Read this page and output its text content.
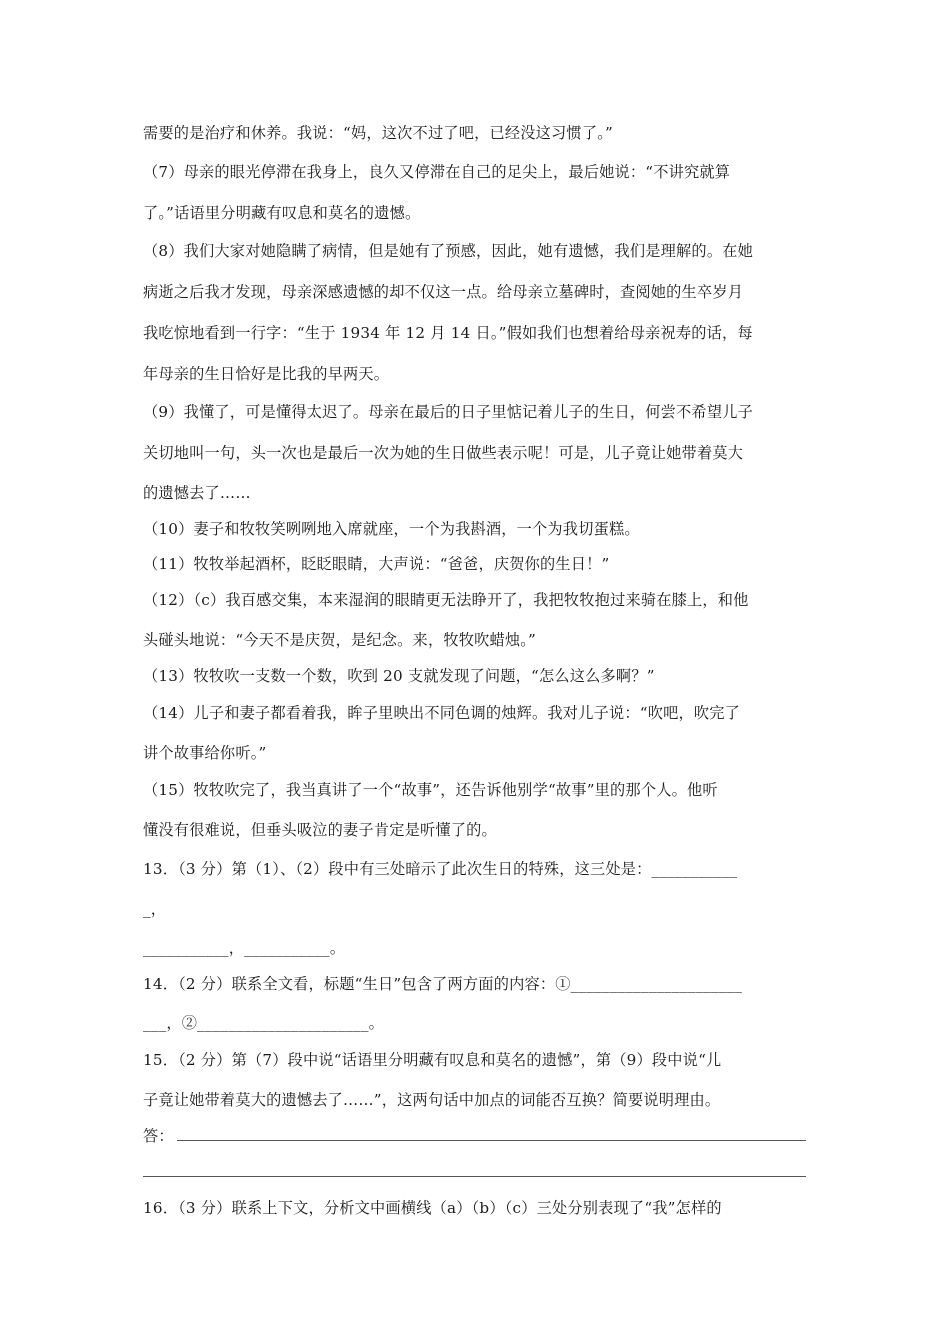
需要的是治疗和休养。我说：“妈，这次不过了吧，已经没这习惯了。”
（7）母亲的眼光停滞在我身上，良久又停滞在自己的足尖上，最后她说：“不讲究就算
了。”话语里分明藏有叹息和莫名的遗憾。
（8）我们大家对她隐瞒了病情，但是她有了预感，因此，她有遗憾，我们是理解的。在她
病逝之后我才发现，母亲深感遗憾的却不仅这一点。给母亲立墓碑时，查阅她的生卒岁月
我吃惊地看到一行字：“生于 1934 年 12 月 14 日。”假如我们也想着给母亲祝寿的话，每
年母亲的生日恰好是比我的早两天。
（9）我懂了，可是懂得太迟了。母亲在最后的日子里惦记着儿子的生日，何尝不希望儿子
关切地叫一句，头一次也是最后一次为她的生日做些表示呢！可是，儿子竟让她带着莫大
的遗憾去了……
（10）妻子和牧牧笑咧咧地入席就座，一个为我斟酒，一个为我切蛋糕。
（11）牧牧举起酒杯，眨眨眼睛，大声说：“爸爸，庆贺你的生日！”
（12）（c）我百感交集，本来湿润的眼睛更无法睁开了，我把牧牧抱过来骑在膝上，和他
头碰头地说：“今天不是庆贺，是纪念。来，牧牧吹蜡烛。”
（13）牧牧吹一支数一个数，吹到 20 支就发现了问题，“怎么这么多啊？”
（14）儿子和妻子都看着我，眸子里映出不同色调的烛辉。我对儿子说：“吹吧，吹完了
讲个故事给你听。”
（15）牧牧吹完了，我当真讲了一个“故事”，还告诉他别学“故事”里的那个人。他听
懂没有很难说，但垂头吸泣的妻子肯定是听懂了的。
13．（3 分）第（1）、（2）段中有三处暗示了此次生日的特殊，这三处是：___________
_，
___________，___________。
14．（2 分）联系全文看，标题“生日”包含了两方面的内容：①______________________
___，②______________________。
15．（2 分）第（7）段中说“话语里分明藏有叹息和莫名的遗憾”，第（9）段中说“儿
子竟让她带着莫大的遗憾去了……”，这两句话中加点的词能否互换？简要说明理由。
答：
16．（3 分）联系上下文，分析文中画横线（a）（b）（c）三处分别表现了“我”怎样的
